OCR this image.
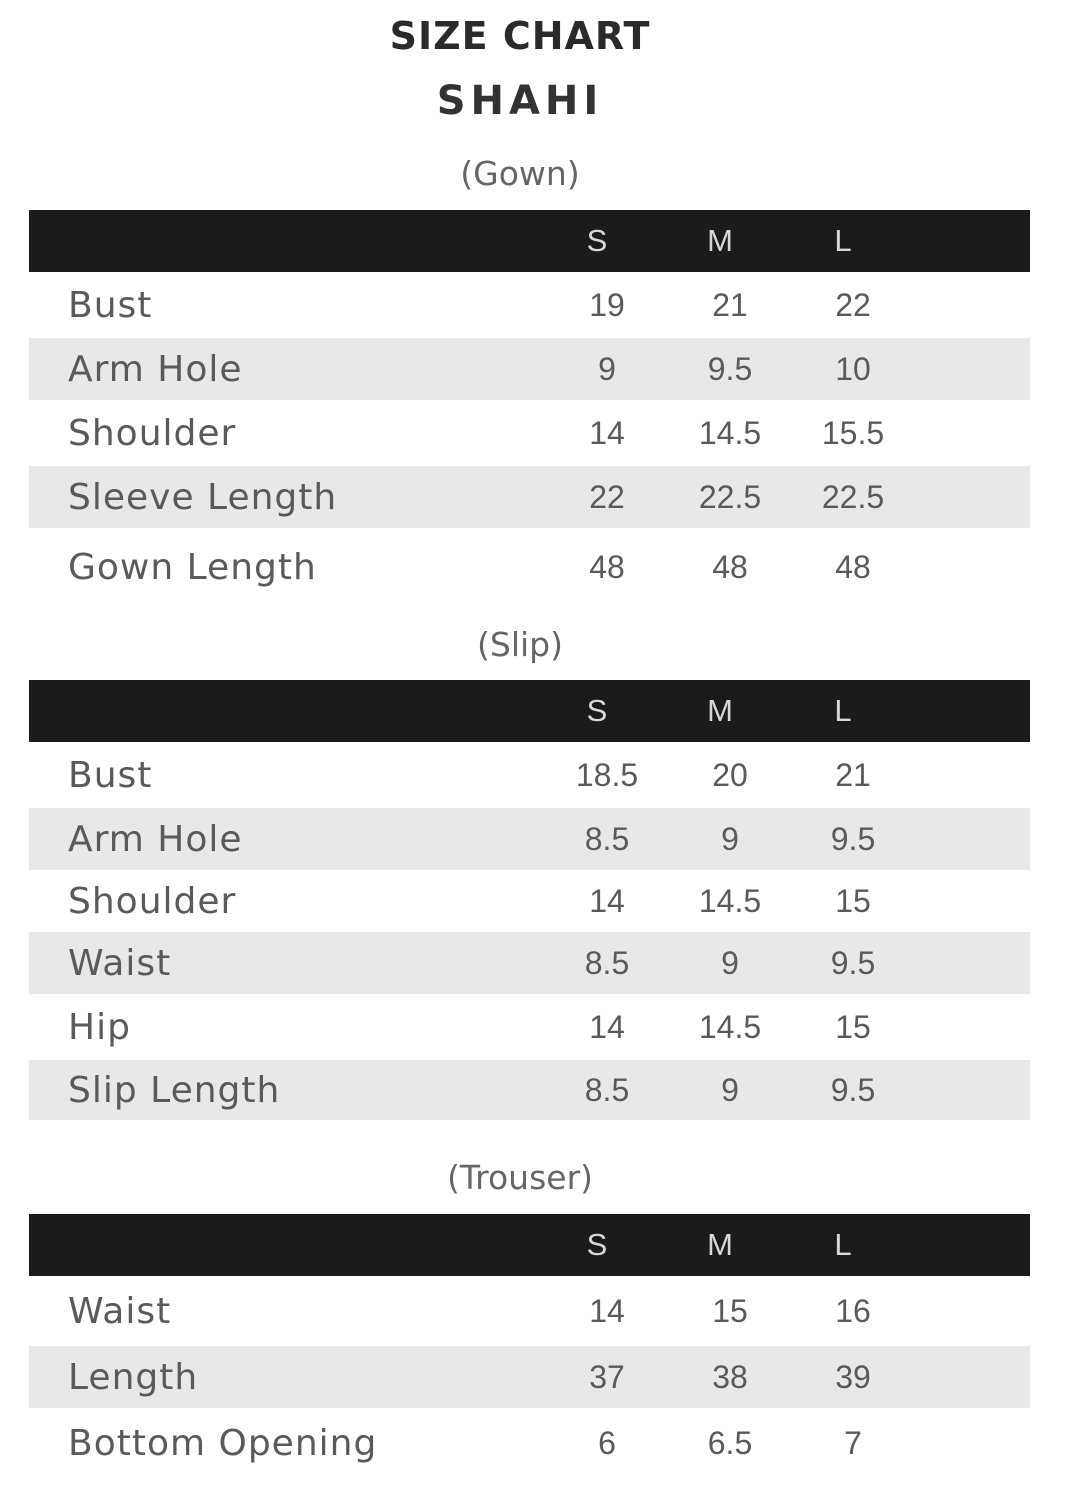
SIZE CHART
SHAHI
(Gown)
S	M	L
Bust	19	21	22
Arm Hole	9	9.5	10
Shoulder	14	14.5	15.5
Sleeve Length	22	22.5	22.5
Gown Length	48	48	48
(Slip)
S	M	L
Bust	18.5	20	21
Arm Hole	8.5	9	9.5
Shoulder	14	14.5	15
Waist	8.5	9	9.5
Hip	14	14.5	15
Slip Length	8.5	9	9.5
(Trouser)
S	M	L
Waist	14	15	16
Length	37	38	39
Bottom Opening	6	6.5	7
